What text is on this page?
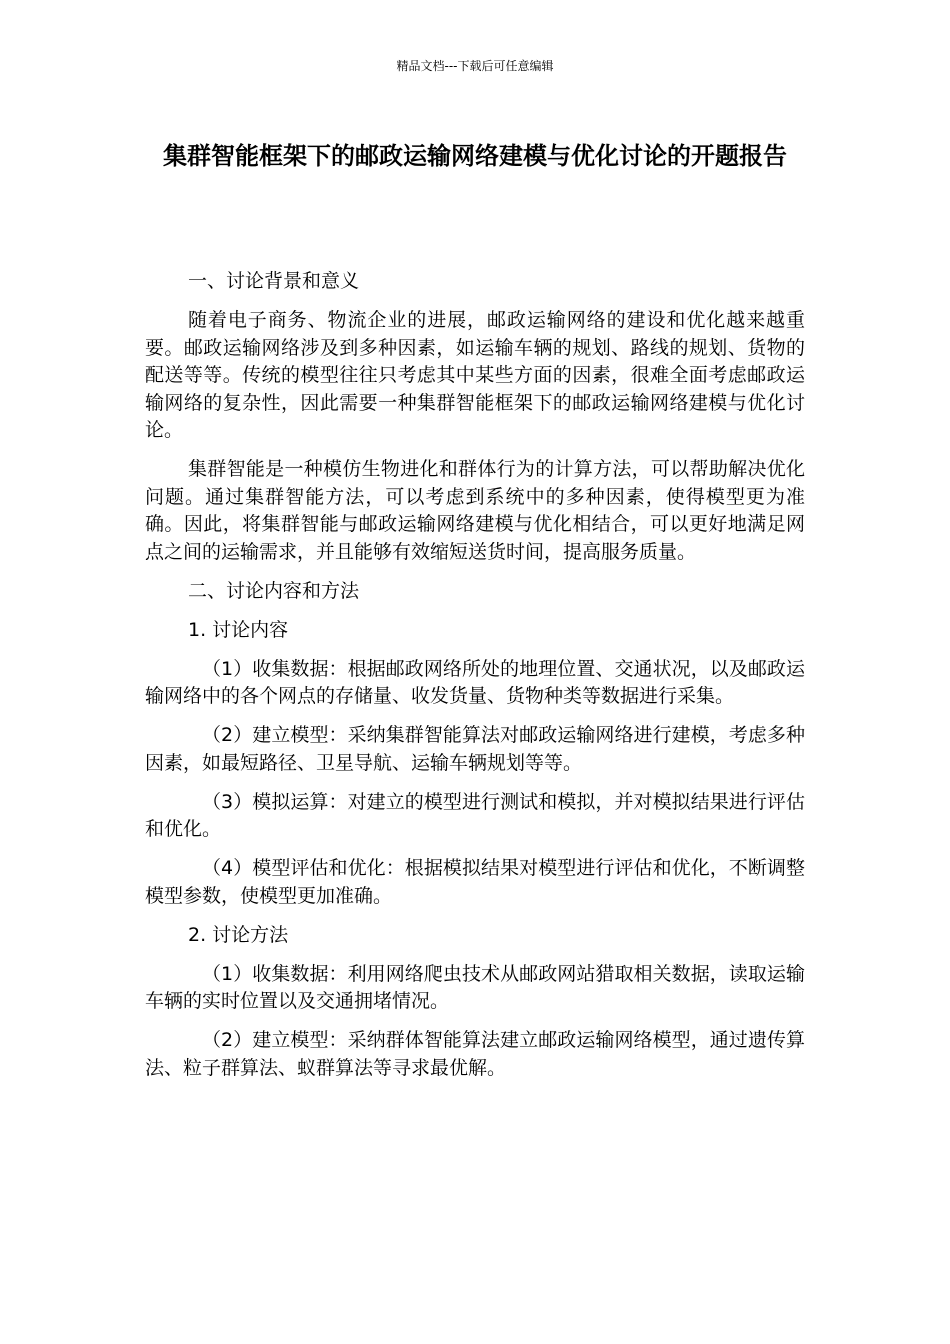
精品文档---下载后可任意编辑
集群智能框架下的邮政运输网络建模与优化讨论的开题报告

一、讨论背景和意义

随着电子商务、物流企业的进展，邮政运输网络的建设和优化越来越重要。邮政运输网络涉及到多种因素，如运输车辆的规划、路线的规划、货物的配送等等。传统的模型往往只考虑其中某些方面的因素，很难全面考虑邮政运输网络的复杂性，因此需要一种集群智能框架下的邮政运输网络建模与优化讨论。

集群智能是一种模仿生物进化和群体行为的计算方法，可以帮助解决优化问题。通过集群智能方法，可以考虑到系统中的多种因素，使得模型更为准确。因此，将集群智能与邮政运输网络建模与优化相结合，可以更好地满足网点之间的运输需求，并且能够有效缩短送货时间，提高服务质量。

二、讨论内容和方法

1. 讨论内容

（1）收集数据：根据邮政网络所处的地理位置、交通状况，以及邮政运输网络中的各个网点的存储量、收发货量、货物种类等数据进行采集。

（2）建立模型：采纳集群智能算法对邮政运输网络进行建模，考虑多种因素，如最短路径、卫星导航、运输车辆规划等等。

（3）模拟运算：对建立的模型进行测试和模拟，并对模拟结果进行评估和优化。

（4）模型评估和优化：根据模拟结果对模型进行评估和优化，不断调整模型参数，使模型更加准确。

2. 讨论方法

（1）收集数据：利用网络爬虫技术从邮政网站猎取相关数据，读取运输车辆的实时位置以及交通拥堵情况。

（2）建立模型：采纳群体智能算法建立邮政运输网络模型，通过遗传算法、粒子群算法、蚁群算法等寻求最优解。
